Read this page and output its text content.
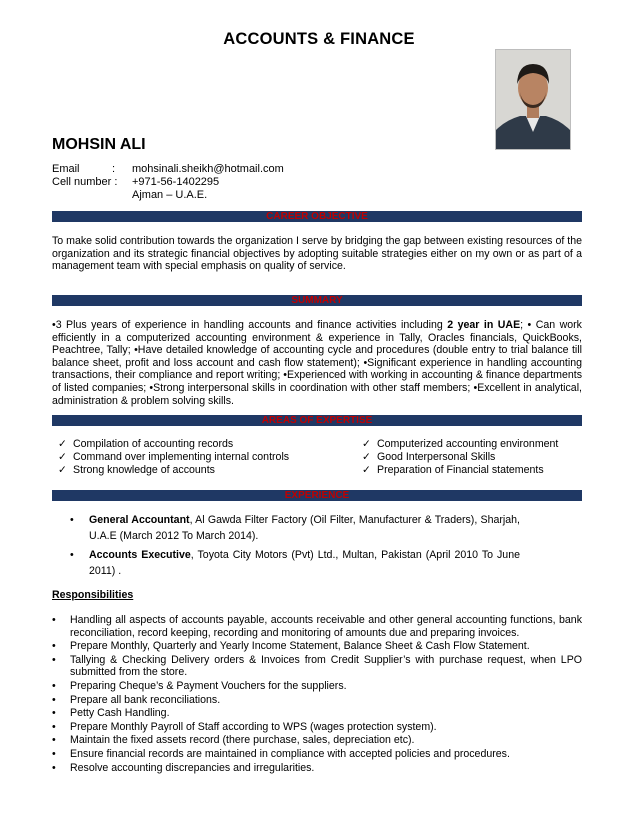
ACCOUNTS & FINANCE
MOHSIN ALI
Email	:	mohsinali.sheikh@hotmail.com
Cell number :	+971-56-1402295
Ajman – U.A.E.
CAREER OBJECTIVE
To make solid contribution towards the organization I serve by bridging the gap between existing resources of the organization and its strategic financial objectives by adopting suitable strategies either on my own or as part of a management team with special emphasis on quality of service.
SUMMARY
•3 Plus years of experience in handling accounts and finance activities including 2 year in UAE; • Can work efficiently in a computerized accounting environment & experience in Tally, Oracles financials, QuickBooks, Peachtree, Tally; •Have detailed knowledge of accounting cycle and procedures (double entry to trial balance till balance sheet, profit and loss account and cash flow statement); •Significant experience in handling accounting transactions, their compliance and report writing; •Experienced with working in accounting & finance departments of listed companies; •Strong interpersonal skills in coordination with other staff members; •Excellent in analytical, administration & problem solving skills.
AREAS OF EXPERTISE
✓ Compilation of accounting records
✓ Command over implementing internal controls
✓ Strong knowledge of accounts
✓ Computerized accounting environment
✓ Good Interpersonal Skills
✓ Preparation of Financial statements
EXPERIENCE
• General Accountant, Al Gawda Filter Factory (Oil Filter, Manufacturer & Traders), Sharjah, U.A.E (March 2012 To March 2014).
• Accounts Executive, Toyota City Motors (Pvt) Ltd., Multan, Pakistan (April 2010 To June 2011) .
Responsibilities
• Handling all aspects of accounts payable, accounts receivable and other general accounting functions, bank reconciliation, record keeping, recording and monitoring of amounts due and preparing invoices.
• Prepare Monthly, Quarterly and Yearly Income Statement, Balance Sheet & Cash Flow Statement.
• Tallying & Checking Delivery orders & Invoices from Credit Supplier’s with purchase request, when LPO submitted from the store.
• Preparing Cheque’s & Payment Vouchers for the suppliers.
• Prepare all bank reconciliations.
• Petty Cash Handling.
• Prepare Monthly Payroll of Staff according to WPS (wages protection system).
• Maintain the fixed assets record (there purchase, sales, depreciation etc).
• Ensure financial records are maintained in compliance with accepted policies and procedures.
• Resolve accounting discrepancies and irregularities.
